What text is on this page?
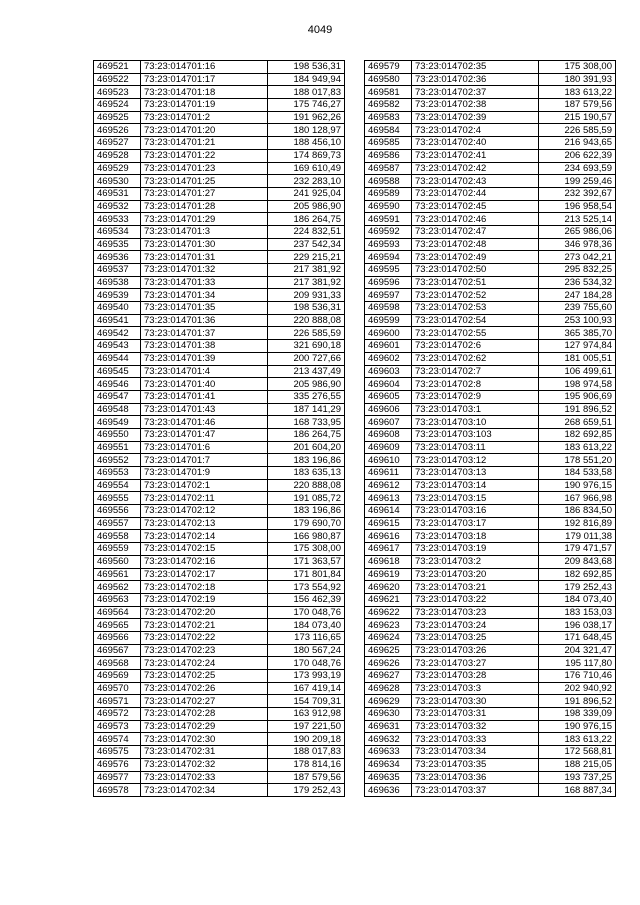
4049
469521	73:23:014701:16	198 536,31
469522	73:23:014701:17	184 949,94
469523	73:23:014701:18	188 017,83
469524	73:23:014701:19	175 746,27
469525	73:23:014701:2	191 962,26
469526	73:23:014701:20	180 128,97
469527	73:23:014701:21	188 456,10
469528	73:23:014701:22	174 869,73
469529	73:23:014701:23	169 610,49
469530	73:23:014701:25	232 283,10
469531	73:23:014701:27	241 925,04
469532	73:23:014701:28	205 986,90
469533	73:23:014701:29	186 264,75
469534	73:23:014701:3	224 832,51
469535	73:23:014701:30	237 542,34
469536	73:23:014701:31	229 215,21
469537	73:23:014701:32	217 381,92
469538	73:23:014701:33	217 381,92
469539	73:23:014701:34	209 931,33
469540	73:23:014701:35	198 536,31
469541	73:23:014701:36	220 888,08
469542	73:23:014701:37	226 585,59
469543	73:23:014701:38	321 690,18
469544	73:23:014701:39	200 727,66
469545	73:23:014701:4	213 437,49
469546	73:23:014701:40	205 986,90
469547	73:23:014701:41	335 276,55
469548	73:23:014701:43	187 141,29
469549	73:23:014701:46	168 733,95
469550	73:23:014701:47	186 264,75
469551	73:23:014701:6	201 604,20
469552	73:23:014701:7	183 196,86
469553	73:23:014701:9	183 635,13
469554	73:23:014702:1	220 888,08
469555	73:23:014702:11	191 085,72
469556	73:23:014702:12	183 196,86
469557	73:23:014702:13	179 690,70
469558	73:23:014702:14	166 980,87
469559	73:23:014702:15	175 308,00
469560	73:23:014702:16	171 363,57
469561	73:23:014702:17	171 801,84
469562	73:23:014702:18	173 554,92
469563	73:23:014702:19	156 462,39
469564	73:23:014702:20	170 048,76
469565	73:23:014702:21	184 073,40
469566	73:23:014702:22	173 116,65
469567	73:23:014702:23	180 567,24
469568	73:23:014702:24	170 048,76
469569	73:23:014702:25	173 993,19
469570	73:23:014702:26	167 419,14
469571	73:23:014702:27	154 709,31
469572	73:23:014702:28	163 912,98
469573	73:23:014702:29	197 221,50
469574	73:23:014702:30	190 209,18
469575	73:23:014702:31	188 017,83
469576	73:23:014702:32	178 814,16
469577	73:23:014702:33	187 579,56
469578	73:23:014702:34	179 252,43
469579	73:23:014702:35	175 308,00
469580	73:23:014702:36	180 391,93
469581	73:23:014702:37	183 613,22
469582	73:23:014702:38	187 579,56
469583	73:23:014702:39	215 190,57
469584	73:23:014702:4	226 585,59
469585	73:23:014702:40	216 943,65
469586	73:23:014702:41	206 622,39
469587	73:23:014702:42	234 693,59
469588	73:23:014702:43	199 259,46
469589	73:23:014702:44	232 392,67
469590	73:23:014702:45	196 958,54
469591	73:23:014702:46	213 525,14
469592	73:23:014702:47	265 986,06
469593	73:23:014702:48	346 978,36
469594	73:23:014702:49	273 042,21
469595	73:23:014702:50	295 832,25
469596	73:23:014702:51	236 534,32
469597	73:23:014702:52	247 184,28
469598	73:23:014702:53	239 755,60
469599	73:23:014702:54	253 100,93
469600	73:23:014702:55	365 385,70
469601	73:23:014702:6	127 974,84
469602	73:23:014702:62	181 005,51
469603	73:23:014702:7	106 499,61
469604	73:23:014702:8	198 974,58
469605	73:23:014702:9	195 906,69
469606	73:23:014703:1	191 896,52
469607	73:23:014703:10	268 659,51
469608	73:23:014703:103	182 692,85
469609	73:23:014703:11	183 613,22
469610	73:23:014703:12	178 551,20
469611	73:23:014703:13	184 533,58
469612	73:23:014703:14	190 976,15
469613	73:23:014703:15	167 966,98
469614	73:23:014703:16	186 834,50
469615	73:23:014703:17	192 816,89
469616	73:23:014703:18	179 011,38
469617	73:23:014703:19	179 471,57
469618	73:23:014703:2	209 843,68
469619	73:23:014703:20	182 692,85
469620	73:23:014703:21	179 252,43
469621	73:23:014703:22	184 073,40
469622	73:23:014703:23	183 153,03
469623	73:23:014703:24	196 038,17
469624	73:23:014703:25	171 648,45
469625	73:23:014703:26	204 321,47
469626	73:23:014703:27	195 117,80
469627	73:23:014703:28	176 710,46
469628	73:23:014703:3	202 940,92
469629	73:23:014703:30	191 896,52
469630	73:23:014703:31	198 339,09
469631	73:23:014703:32	190 976,15
469632	73:23:014703:33	183 613,22
469633	73:23:014703:34	172 568,81
469634	73:23:014703:35	188 215,05
469635	73:23:014703:36	193 737,25
469636	73:23:014703:37	168 887,34
